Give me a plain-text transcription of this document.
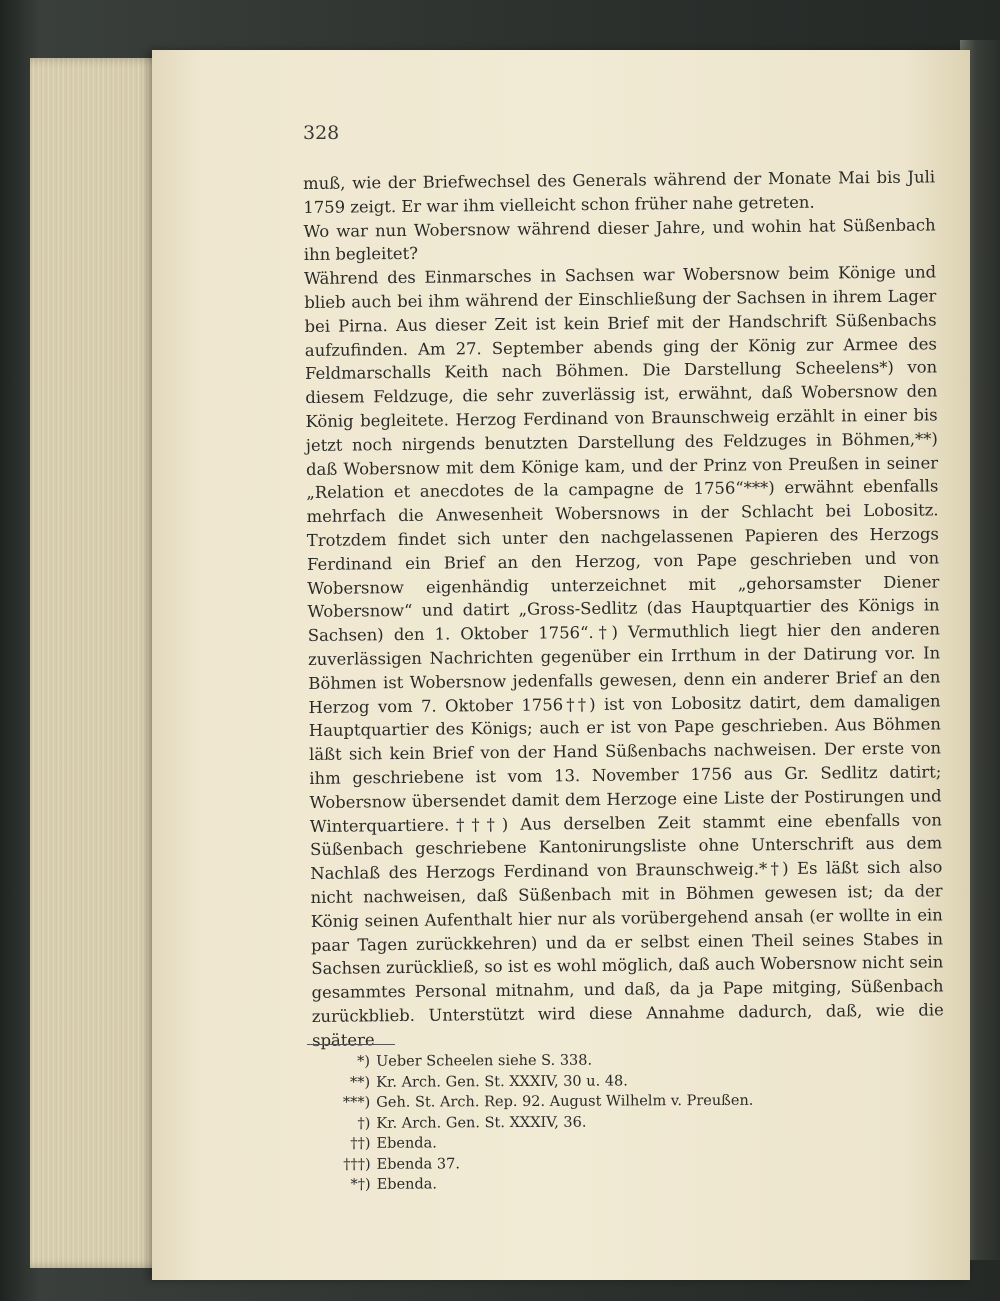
328

muß, wie der Briefwechsel des Generals während der Monate Mai bis Juli 1759 zeigt. Er war ihm vielleicht schon früher nahe getreten.

Wo war nun Wobersnow während dieser Jahre, und wohin hat Süßenbach ihn begleitet?

Während des Einmarsches in Sachsen war Wobersnow beim Könige und blieb auch bei ihm während der Einschließung der Sachsen in ihrem Lager bei Pirna. Aus dieser Zeit ist kein Brief mit der Handschrift Süßenbachs aufzufinden. Am 27. September abends ging der König zur Armee des Feldmarschalls Keith nach Böhmen. Die Darstellung Scheelens*) von diesem Feldzuge, die sehr zuverlässig ist, erwähnt, daß Wobersnow den König begleitete. Herzog Ferdinand von Braunschweig erzählt in einer bis jetzt noch nirgends benutzten Darstellung des Feldzuges in Böhmen,**) daß Wobersnow mit dem Könige kam, und der Prinz von Preußen in seiner „Relation et anecdotes de la campagne de 1756“***) erwähnt ebenfalls mehrfach die Anwesenheit Wobersnows in der Schlacht bei Lobositz. Trotzdem findet sich unter den nachgelassenen Papieren des Herzogs Ferdinand ein Brief an den Herzog, von Pape geschrieben und von Wobersnow eigenhändig unterzeichnet mit „gehorsamster Diener Wobersnow“ und datirt „Gross-Sedlitz (das Hauptquartier des Königs in Sachsen) den 1. Oktober 1756“.†) Vermuthlich liegt hier den anderen zuverlässigen Nachrichten gegenüber ein Irrthum in der Datirung vor. In Böhmen ist Wobersnow jedenfalls gewesen, denn ein anderer Brief an den Herzog vom 7. Oktober 1756††) ist von Lobositz datirt, dem damaligen Hauptquartier des Königs; auch er ist von Pape geschrieben. Aus Böhmen läßt sich kein Brief von der Hand Süßenbachs nachweisen. Der erste von ihm geschriebene ist vom 13. November 1756 aus Gr. Sedlitz datirt; Wobersnow übersendet damit dem Herzoge eine Liste der Postirungen und Winterquartiere.†††) Aus derselben Zeit stammt eine ebenfalls von Süßenbach geschriebene Kantonirungsliste ohne Unterschrift aus dem Nachlaß des Herzogs Ferdinand von Braunschweig.*†) Es läßt sich also nicht nachweisen, daß Süßenbach mit in Böhmen gewesen ist; da der König seinen Aufenthalt hier nur als vorübergehend ansah (er wollte in ein paar Tagen zurückkehren) und da er selbst einen Theil seines Stabes in Sachsen zurückließ, so ist es wohl möglich, daß auch Wobersnow nicht sein gesammtes Personal mitnahm, und daß, da ja Pape mitging, Süßenbach zurückblieb. Unterstützt wird diese Annahme dadurch, daß, wie die spätere

*) Ueber Scheelen siehe S. 338.
**) Kr. Arch. Gen. St. XXXIV, 30 u. 48.
***) Geh. St. Arch. Rep. 92. August Wilhelm v. Preußen.
†) Kr. Arch. Gen. St. XXXIV, 36.
††) Ebenda.
†††) Ebenda 37.
*†) Ebenda.
